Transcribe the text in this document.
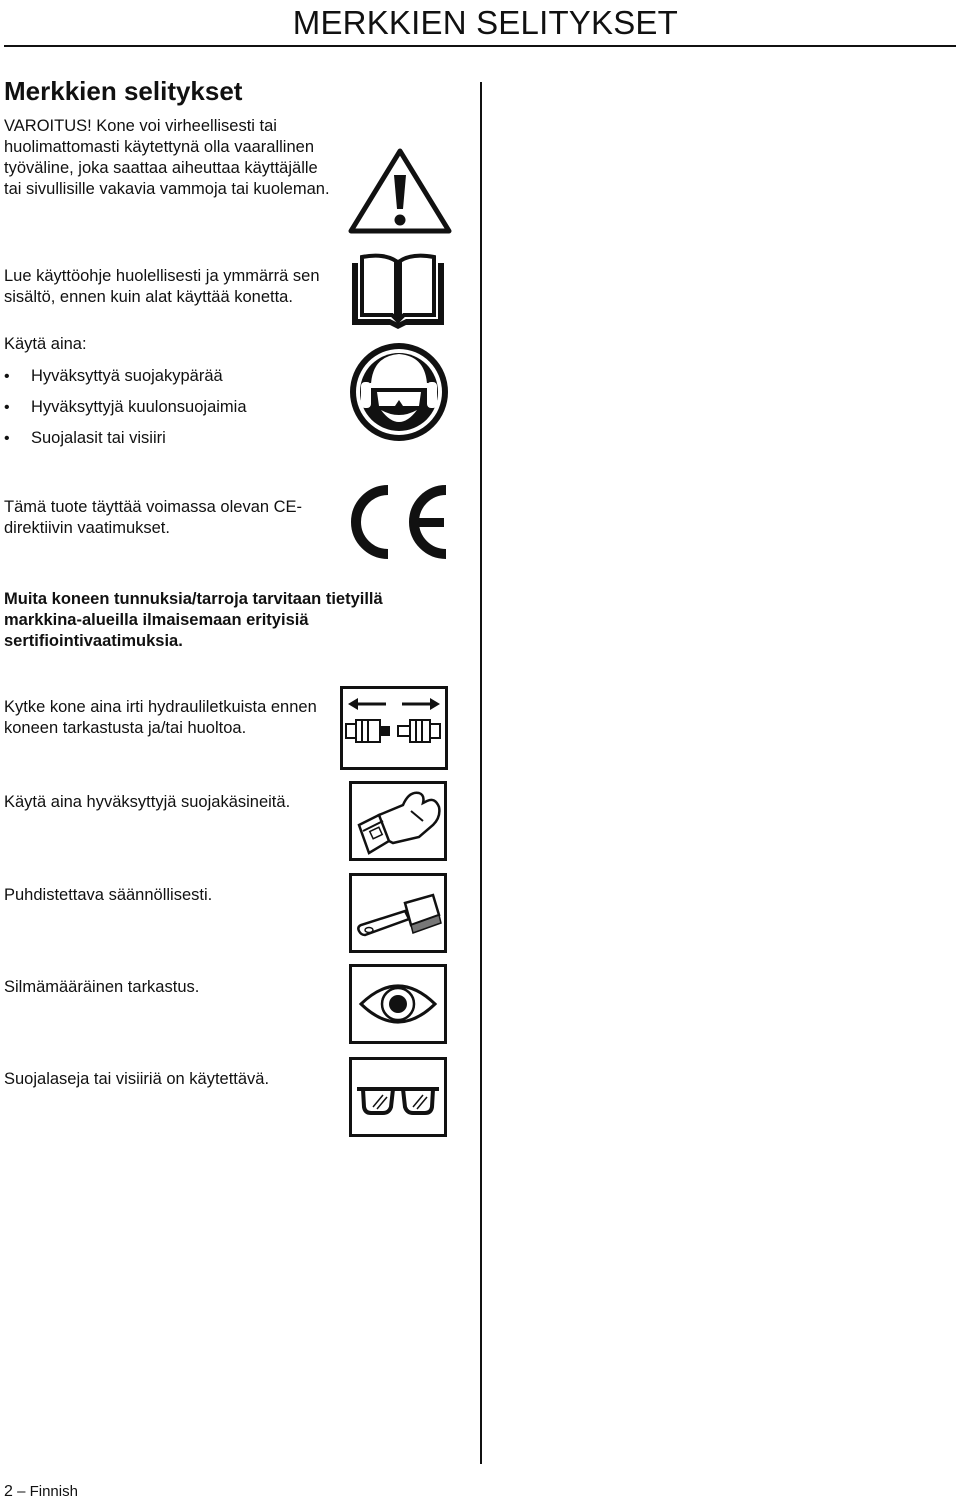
MERKKIEN SELITYKSET
Merkkien selitykset

VAROITUS! Kone voi virheellisesti tai huolimattomasti käytettynä olla vaarallinen työväline, joka saattaa aiheuttaa käyttäjälle tai sivullisille vakavia vammoja tai kuoleman.

Lue käyttöohje huolellisesti ja ymmärrä sen sisältö, ennen kuin alat käyttää konetta.

Käytä aina:

• Hyväksyttyä suojakypärää
• Hyväksyttyjä kuulonsuojaimia
• Suojalasit tai visiiri

Tämä tuote täyttää voimassa olevan CE-direktiivin vaatimukset.

Muita koneen tunnuksia/tarroja tarvitaan tietyillä markkina-alueilla ilmaisemaan erityisiä sertifiointivaatimuksia.

Kytke kone aina irti hydrauliletkuista ennen koneen tarkastusta ja/tai huoltoa.

Käytä aina hyväksyttyjä suojakäsineitä.

Puhdistettava säännöllisesti.

Silmämääräinen tarkastus.

Suojalaseja tai visiiriä on käytettävä.

2 – Finnish
